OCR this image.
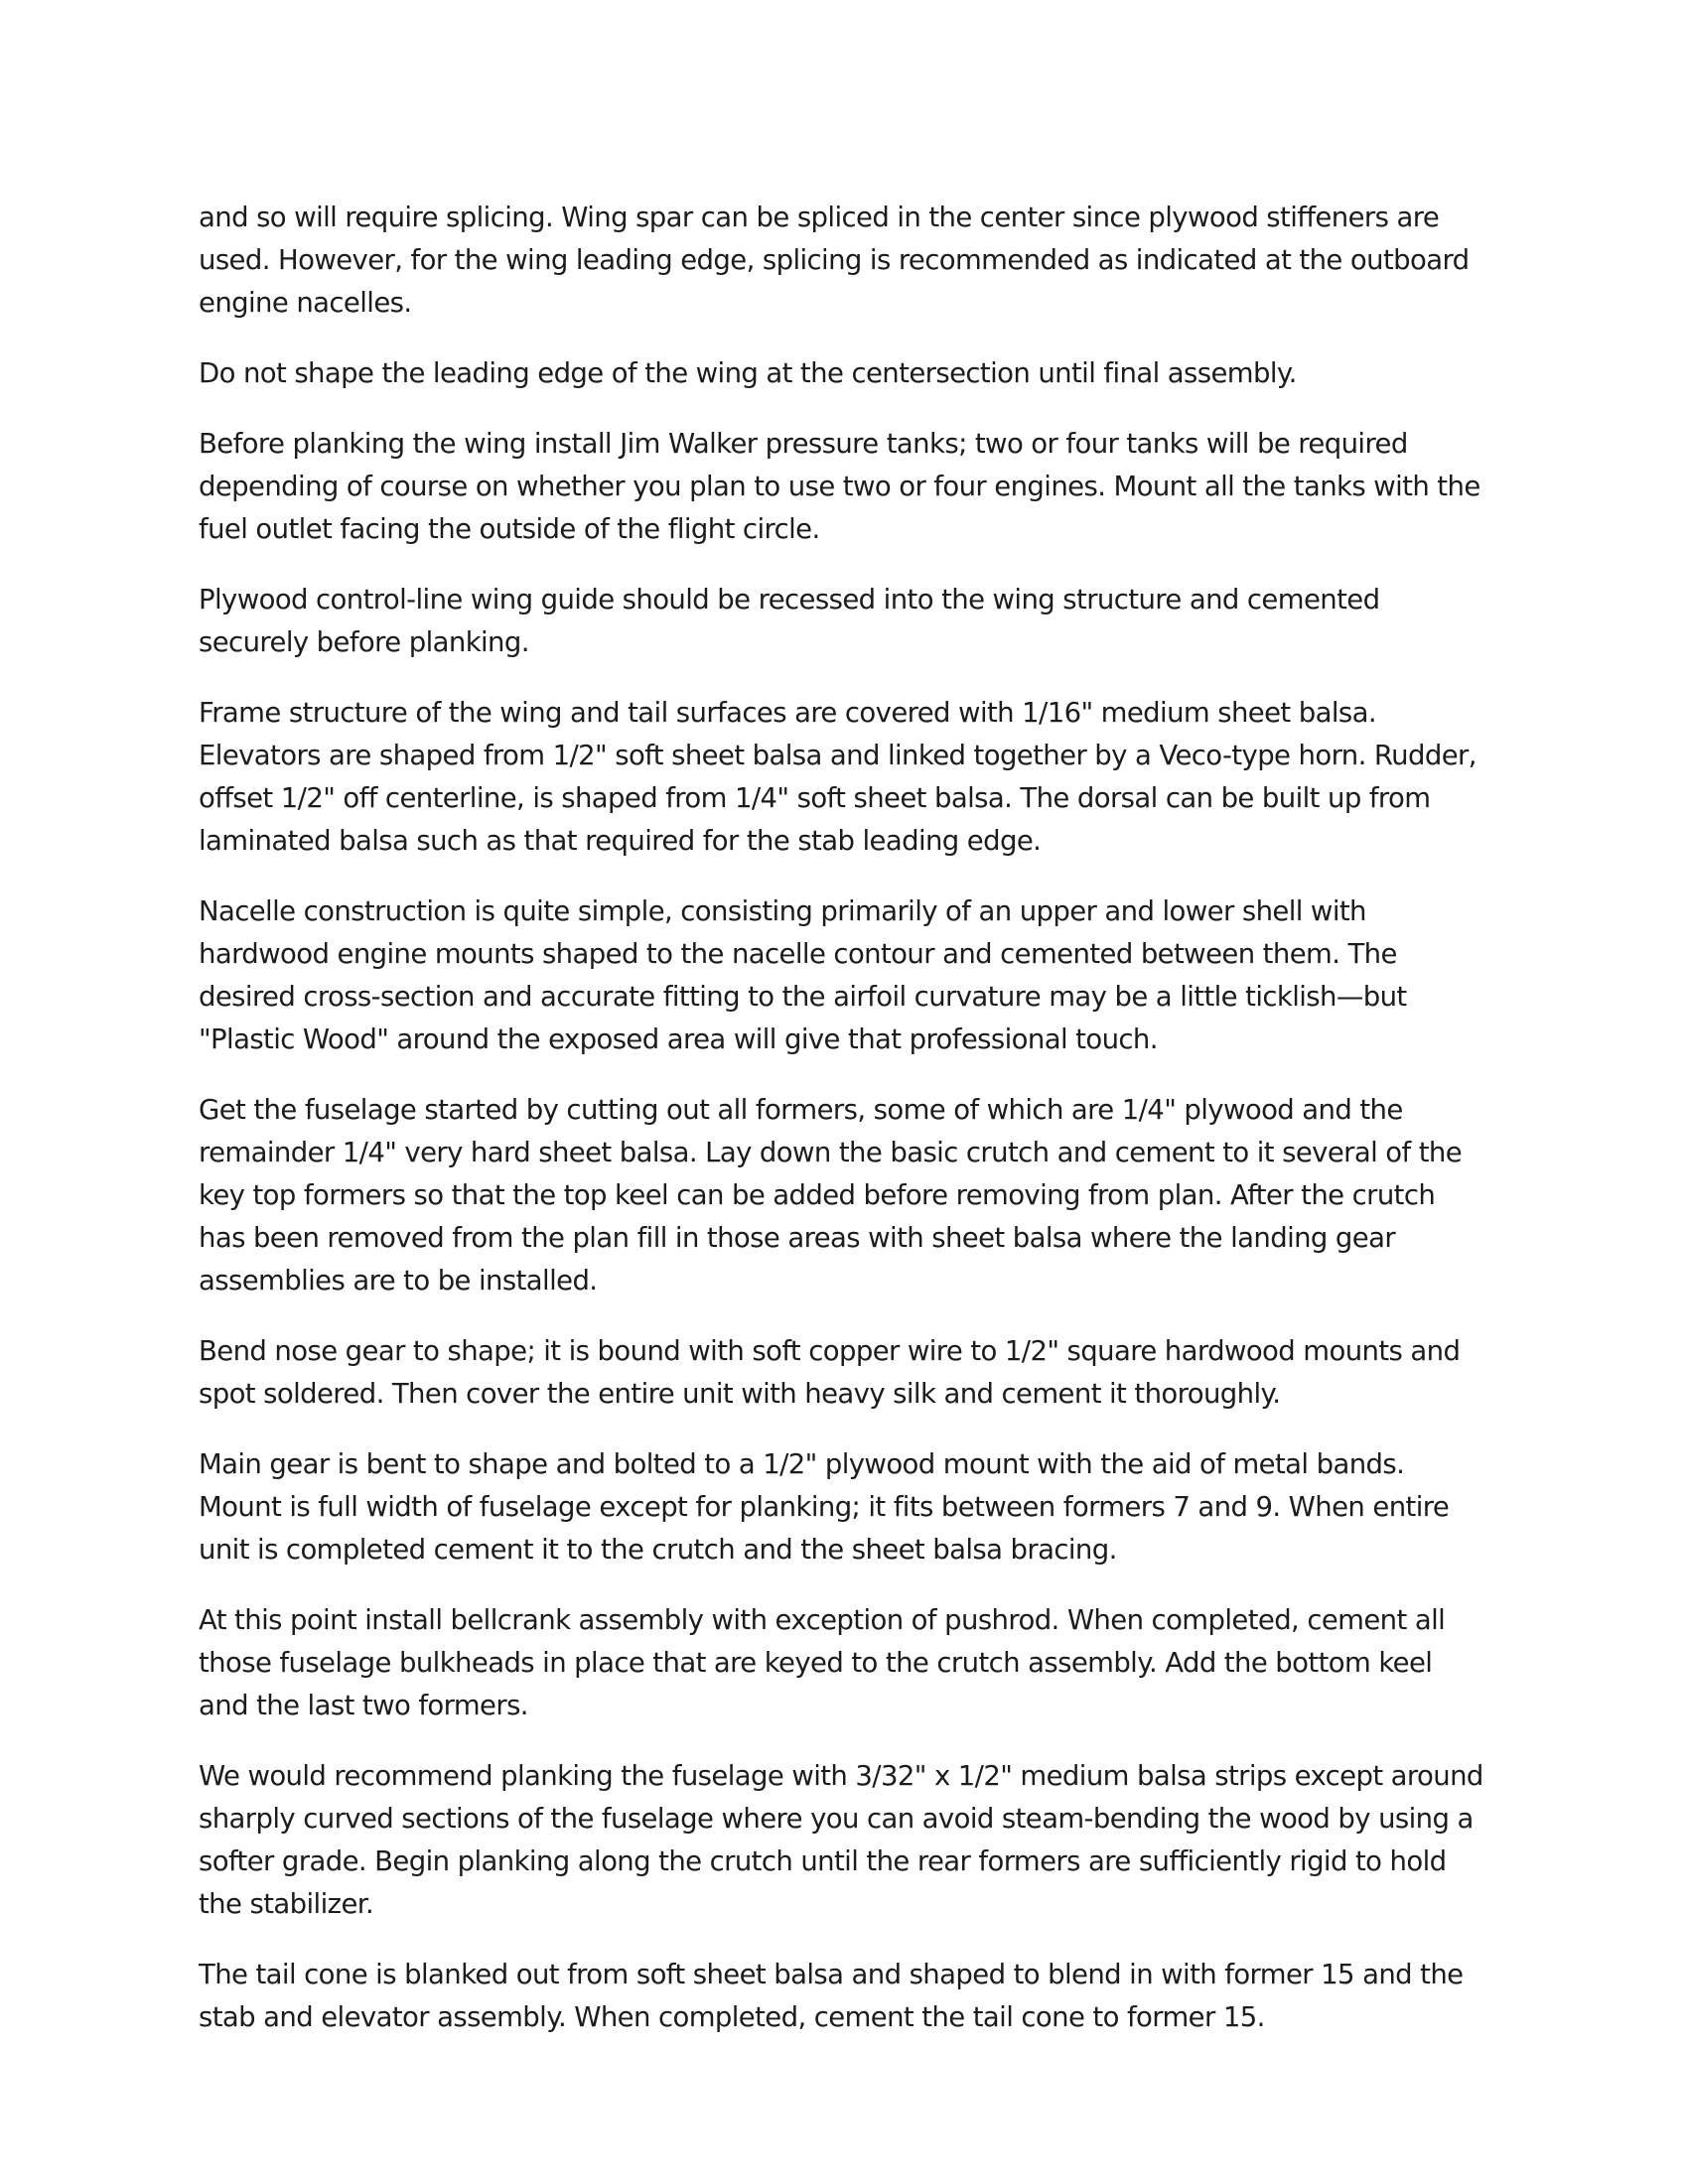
and so will require splicing. Wing spar can be spliced in the center since plywood stiffeners are used. However, for the wing leading edge, splicing is recommended as indicated at the outboard engine nacelles.

Do not shape the leading edge of the wing at the centersection until final assembly.

Before planking the wing install Jim Walker pressure tanks; two or four tanks will be required depending of course on whether you plan to use two or four engines. Mount all the tanks with the fuel outlet facing the outside of the flight circle.

Plywood control-line wing guide should be recessed into the wing structure and cemented securely before planking.

Frame structure of the wing and tail surfaces are covered with 1/16" medium sheet balsa. Elevators are shaped from 1/2" soft sheet balsa and linked together by a Veco-type horn. Rudder, offset 1/2" off centerline, is shaped from 1/4" soft sheet balsa. The dorsal can be built up from laminated balsa such as that required for the stab leading edge.

Nacelle construction is quite simple, consisting primarily of an upper and lower shell with hardwood engine mounts shaped to the nacelle contour and cemented between them. The desired cross-section and accurate fitting to the airfoil curvature may be a little ticklish—but "Plastic Wood" around the exposed area will give that professional touch.

Get the fuselage started by cutting out all formers, some of which are 1/4" plywood and the remainder 1/4" very hard sheet balsa. Lay down the basic crutch and cement to it several of the key top formers so that the top keel can be added before removing from plan. After the crutch has been removed from the plan fill in those areas with sheet balsa where the landing gear assemblies are to be installed.

Bend nose gear to shape; it is bound with soft copper wire to 1/2" square hardwood mounts and spot soldered. Then cover the entire unit with heavy silk and cement it thoroughly.

Main gear is bent to shape and bolted to a 1/2" plywood mount with the aid of metal bands. Mount is full width of fuselage except for planking; it fits between formers 7 and 9. When entire unit is completed cement it to the crutch and the sheet balsa bracing.

At this point install bellcrank assembly with exception of pushrod. When completed, cement all those fuselage bulkheads in place that are keyed to the crutch assembly. Add the bottom keel and the last two formers.

We would recommend planking the fuselage with 3/32" x 1/2" medium balsa strips except around sharply curved sections of the fuselage where you can avoid steam-bending the wood by using a softer grade. Begin planking along the crutch until the rear formers are sufficiently rigid to hold the stabilizer.

The tail cone is blanked out from soft sheet balsa and shaped to blend in with former 15 and the stab and elevator assembly. When completed, cement the tail cone to former 15.
